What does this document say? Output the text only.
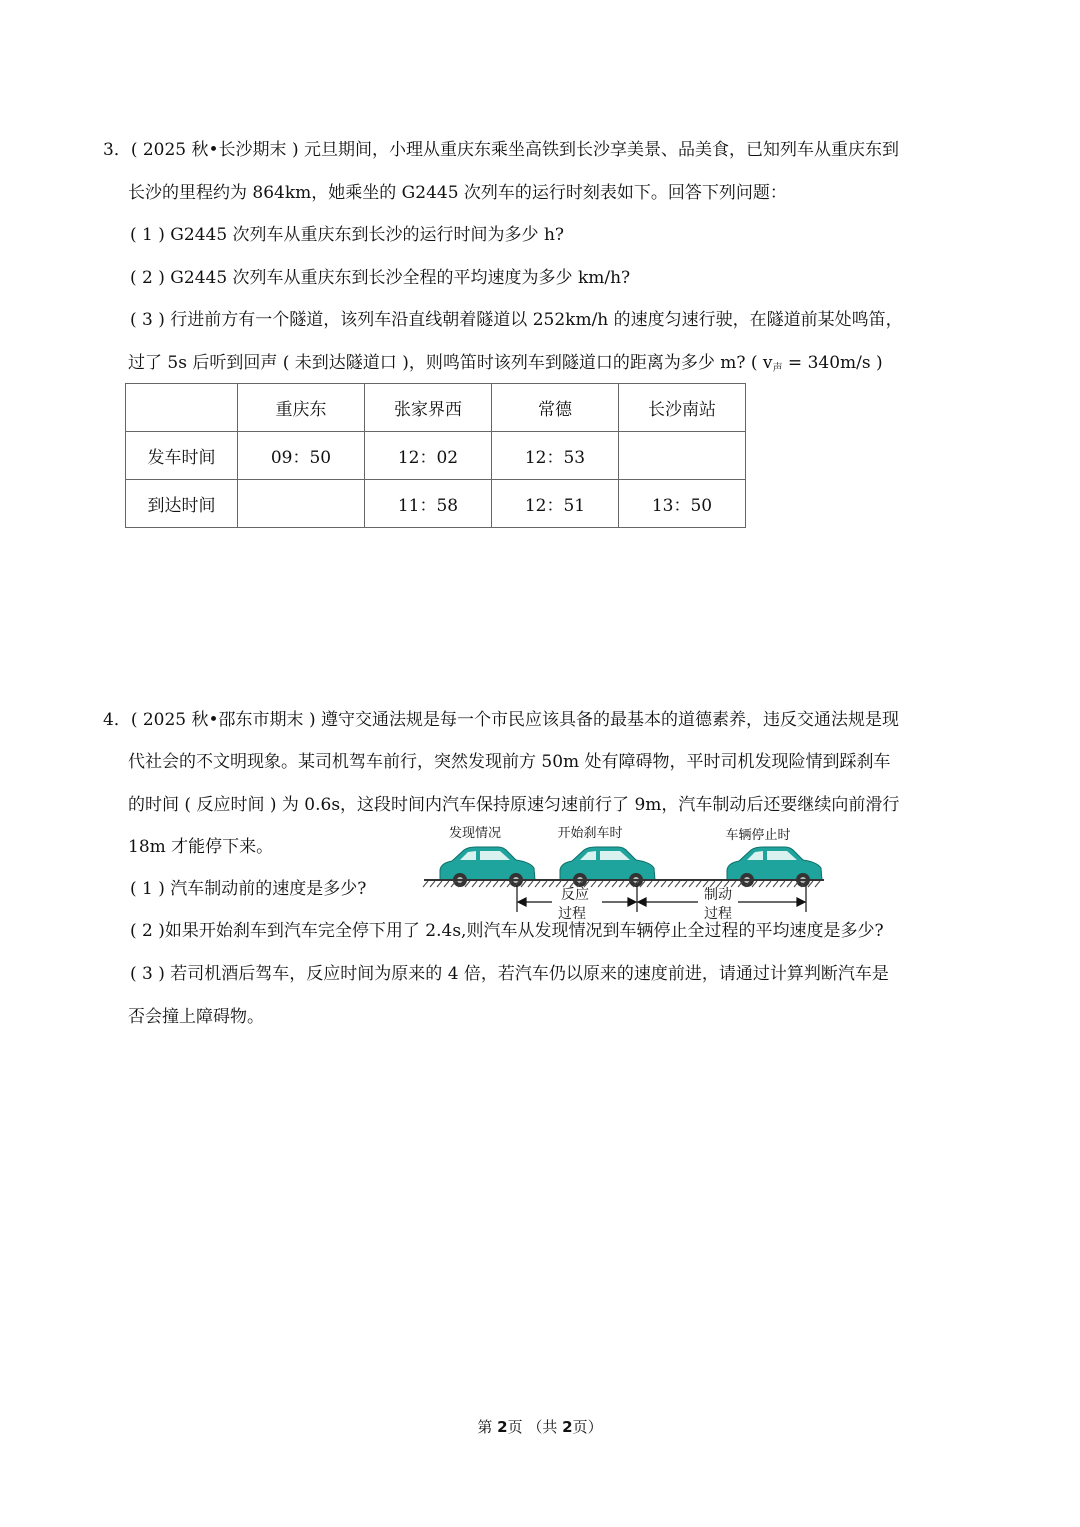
3．( 2025 秋•长沙期末 ) 元旦期间，小理从重庆东乘坐高铁到长沙享美景、品美食，已知列车从重庆东到
长沙的里程约为 864km，她乘坐的 G2445 次列车的运行时刻表如下。回答下列问题：
( 1 ) G2445 次列车从重庆东到长沙的运行时间为多少 h?
( 2 ) G2445 次列车从重庆东到长沙全程的平均速度为多少 km/h?
( 3 ) 行进前方有一个隧道，该列车沿直线朝着隧道以 252km/h 的速度匀速行驶，在隧道前某处鸣笛，
过了 5s 后听到回声 ( 未到达隧道口 )，则鸣笛时该列车到隧道口的距离为多少 m? ( $v_声 = 340m/s$ )
	重庆东	张家界西	常德	长沙南站
发车时间	09：50	12：02	12：53	
到达时间		11：58	12：51	13：50
4．( 2025 秋•邵东市期末 ) 遵守交通法规是每一个市民应该具备的最基本的道德素养，违反交通法规是现
代社会的不文明现象。某司机驾车前行，突然发现前方 50m 处有障碍物，平时司机发现险情到踩刹车
的时间 ( 反应时间 ) 为 0.6s，这段时间内汽车保持原速匀速前行了 9m，汽车制动后还要继续向前滑行
18m 才能停下来。
( 1 ) 汽车制动前的速度是多少?
( 2 )如果开始刹车到汽车完全停下用了 2.4s,则汽车从发现情况到车辆停止全过程的平均速度是多少?
( 3 ) 若司机酒后驾车，反应时间为原来的 4 倍，若汽车仍以原来的速度前进，请通过计算判断汽车是
否会撞上障碍物。
发现情况	开始刹车时	车辆停止时
反应
过程
制动
过程
第 2页 （共 2页）
